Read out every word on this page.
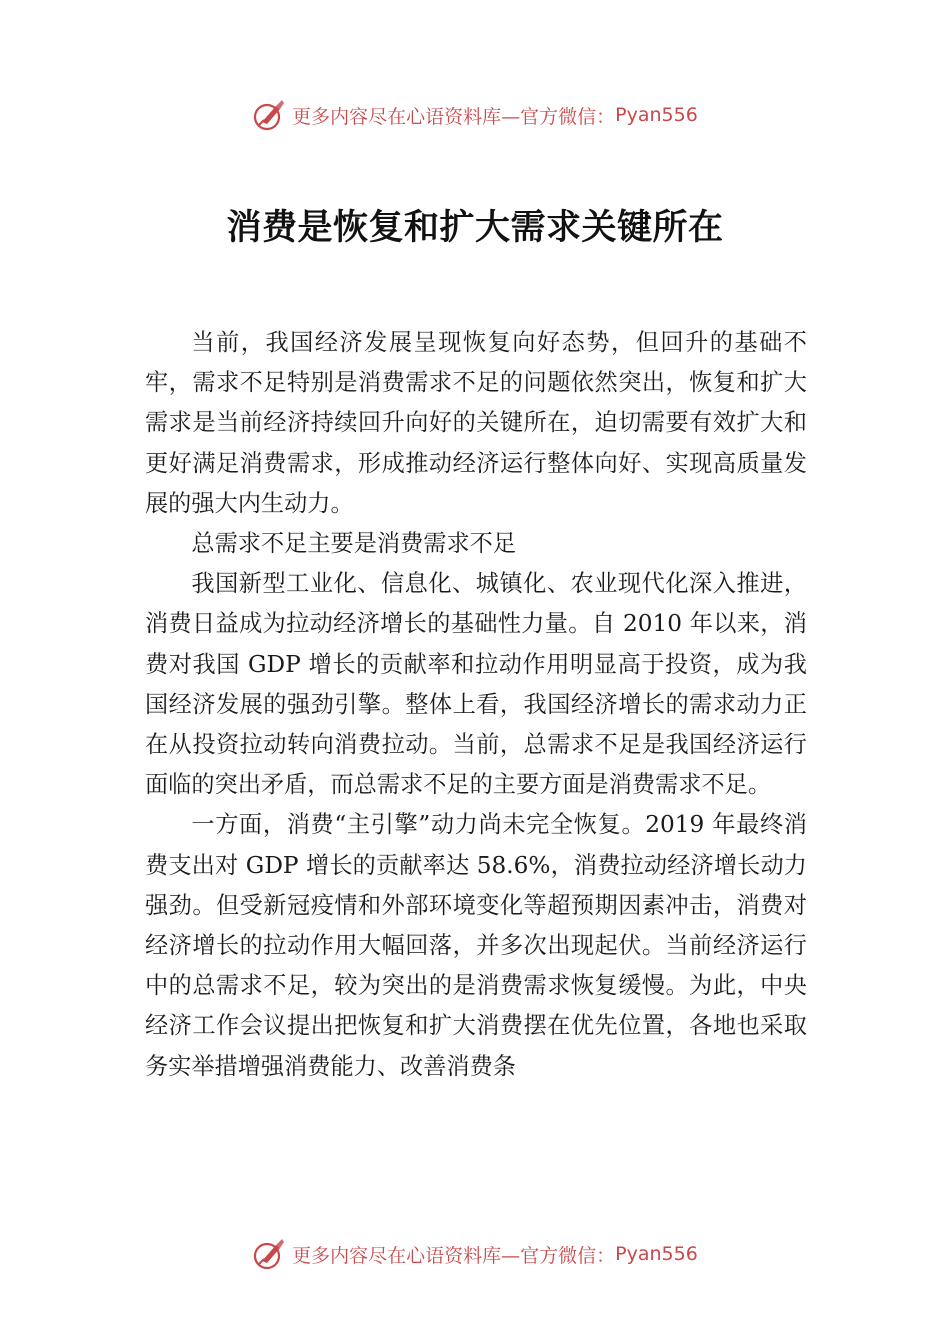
更多内容尽在心语资料库—官方微信： Pyan556
消费是恢复和扩大需求关键所在

当前，我国经济发展呈现恢复向好态势，但回升的基础不牢，需求不足特别是消费需求不足的问题依然突出，恢复和扩大需求是当前经济持续回升向好的关键所在，迫切需要有效扩大和更好满足消费需求，形成推动经济运行整体向好、实现高质量发展的强大内生动力。

总需求不足主要是消费需求不足

我国新型工业化、信息化、城镇化、农业现代化深入推进，消费日益成为拉动经济增长的基础性力量。自 2010 年以来，消费对我国 GDP 增长的贡献率和拉动作用明显高于投资，成为我国经济发展的强劲引擎。整体上看，我国经济增长的需求动力正在从投资拉动转向消费拉动。当前，总需求不足是我国经济运行面临的突出矛盾，而总需求不足的主要方面是消费需求不足。

一方面，消费“主引擎”动力尚未完全恢复。2019 年最终消费支出对 GDP 增长的贡献率达 58.6%，消费拉动经济增长动力强劲。但受新冠疫情和外部环境变化等超预期因素冲击，消费对经济增长的拉动作用大幅回落，并多次出现起伏。当前经济运行中的总需求不足，较为突出的是消费需求恢复缓慢。为此，中央经济工作会议提出把恢复和扩大消费摆在优先位置，各地也采取务实举措增强消费能力、改善消费条

更多内容尽在心语资料库—官方微信： Pyan556
